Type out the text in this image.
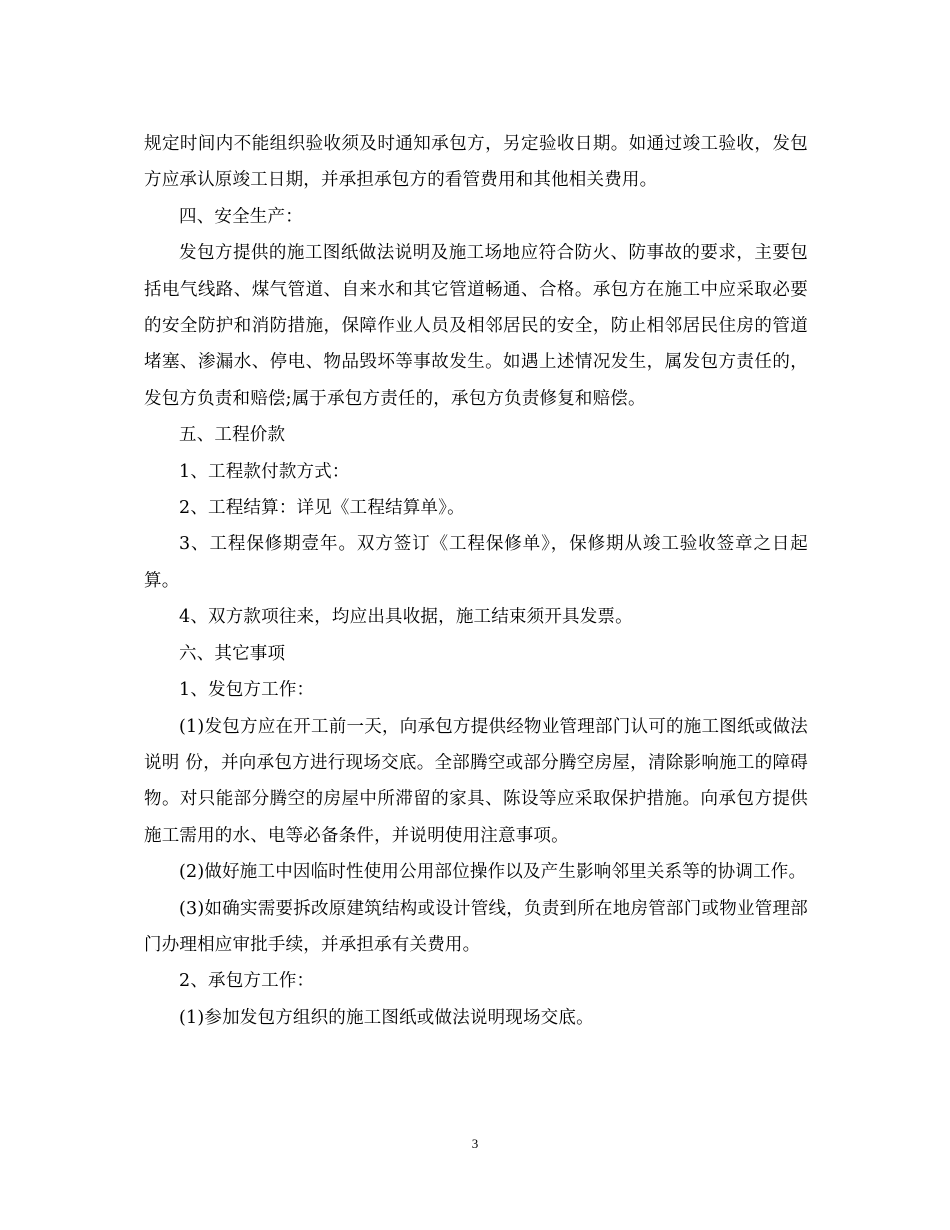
规定时间内不能组织验收须及时通知承包方，另定验收日期。如通过竣工验收，发包方应承认原竣工日期，并承担承包方的看管费用和其他相关费用。

四、安全生产：

发包方提供的施工图纸做法说明及施工场地应符合防火、防事故的要求，主要包括电气线路、煤气管道、自来水和其它管道畅通、合格。承包方在施工中应采取必要的安全防护和消防措施，保障作业人员及相邻居民的安全，防止相邻居民住房的管道堵塞、渗漏水、停电、物品毁坏等事故发生。如遇上述情况发生，属发包方责任的，发包方负责和赔偿;属于承包方责任的，承包方负责修复和赔偿。

五、工程价款

1、工程款付款方式：

2、工程结算：详见《工程结算单》。

3、工程保修期壹年。双方签订《工程保修单》，保修期从竣工验收签章之日起算。

4、双方款项往来，均应出具收据，施工结束须开具发票。

六、其它事项

1、发包方工作：

(1)发包方应在开工前一天，向承包方提供经物业管理部门认可的施工图纸或做法说明 份，并向承包方进行现场交底。全部腾空或部分腾空房屋，清除影响施工的障碍物。对只能部分腾空的房屋中所滞留的家具、陈设等应采取保护措施。向承包方提供施工需用的水、电等必备条件，并说明使用注意事项。

(2)做好施工中因临时性使用公用部位操作以及产生影响邻里关系等的协调工作。

(3)如确实需要拆改原建筑结构或设计管线，负责到所在地房管部门或物业管理部门办理相应审批手续，并承担承有关费用。

2、承包方工作：

(1)参加发包方组织的施工图纸或做法说明现场交底。

3
